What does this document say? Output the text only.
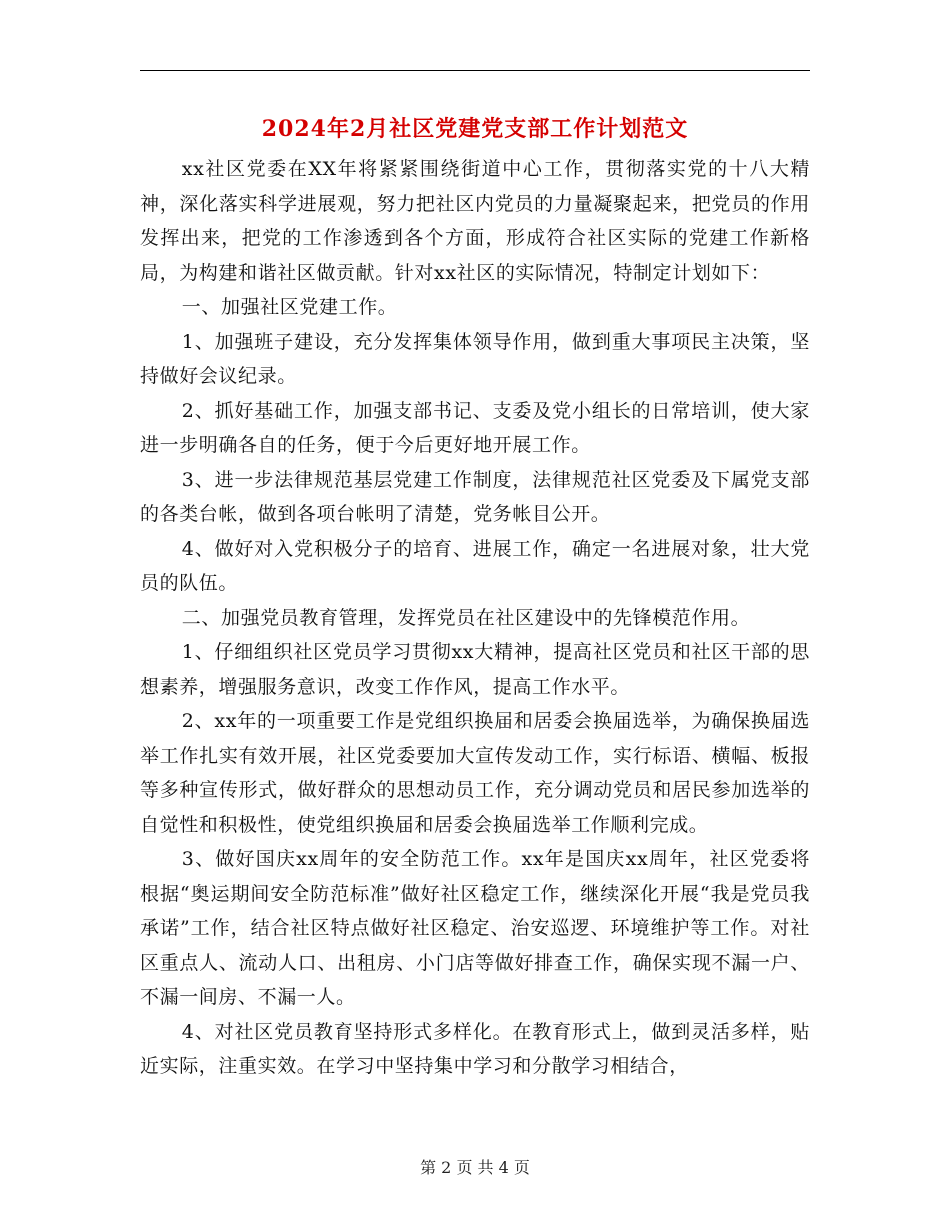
2024年2月社区党建党支部工作计划范文

xx社区党委在XX年将紧紧围绕街道中心工作，贯彻落实党的十八大精神，深化落实科学进展观，努力把社区内党员的力量凝聚起来，把党员的作用发挥出来，把党的工作渗透到各个方面，形成符合社区实际的党建工作新格局，为构建和谐社区做贡献。针对xx社区的实际情况，特制定计划如下：

一、加强社区党建工作。

1、加强班子建设，充分发挥集体领导作用，做到重大事项民主决策，坚持做好会议纪录。

2、抓好基础工作，加强支部书记、支委及党小组长的日常培训，使大家进一步明确各自的任务，便于今后更好地开展工作。

3、进一步法律规范基层党建工作制度，法律规范社区党委及下属党支部的各类台帐，做到各项台帐明了清楚，党务帐目公开。

4、做好对入党积极分子的培育、进展工作，确定一名进展对象，壮大党员的队伍。

二、加强党员教育管理，发挥党员在社区建设中的先锋模范作用。

1、仔细组织社区党员学习贯彻xx大精神，提高社区党员和社区干部的思想素养，增强服务意识，改变工作作风，提高工作水平。

2、xx年的一项重要工作是党组织换届和居委会换届选举，为确保换届选举工作扎实有效开展，社区党委要加大宣传发动工作，实行标语、横幅、板报等多种宣传形式，做好群众的思想动员工作，充分调动党员和居民参加选举的自觉性和积极性，使党组织换届和居委会换届选举工作顺利完成。

3、做好国庆xx周年的安全防范工作。xx年是国庆xx周年，社区党委将根据“奥运期间安全防范标准”做好社区稳定工作，继续深化开展“我是党员我承诺”工作，结合社区特点做好社区稳定、治安巡逻、环境维护等工作。对社区重点人、流动人口、出租房、小门店等做好排查工作，确保实现不漏一户、不漏一间房、不漏一人。

4、对社区党员教育坚持形式多样化。在教育形式上，做到灵活多样，贴近实际，注重实效。在学习中坚持集中学习和分散学习相结合，

第 2 页 共 4 页
